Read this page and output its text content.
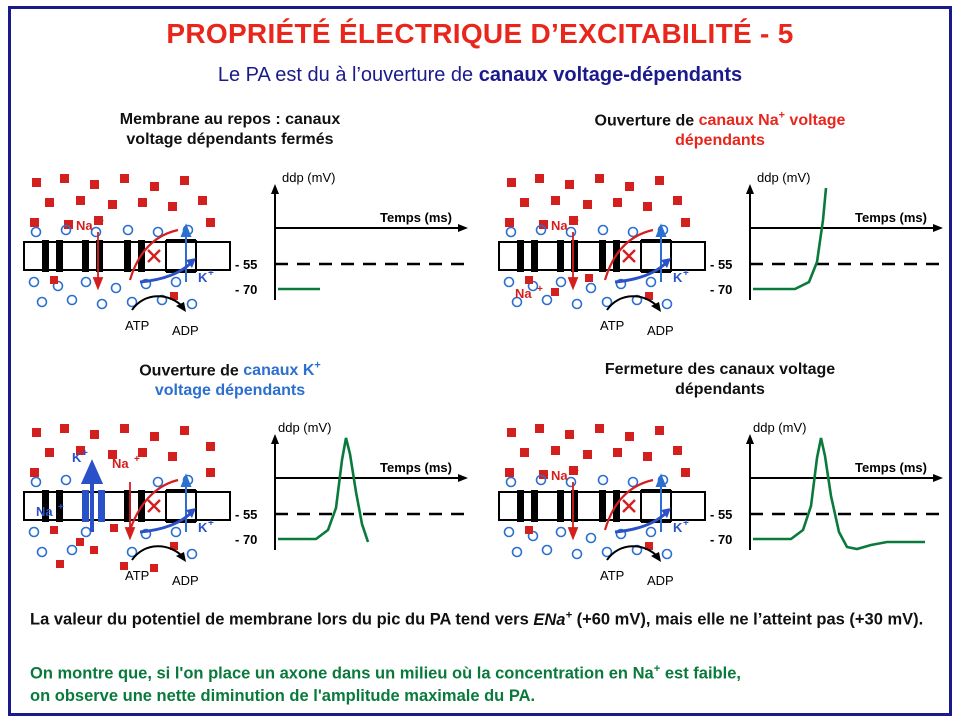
PROPRIÉTÉ ÉLECTRIQUE D’EXCITABILITÉ - 5
Le PA est du à l’ouverture de canaux voltage-dépendants
Membrane au repos : canaux
voltage dépendants fermés
Ouverture de canaux Na+ voltage
dépendants
ATP ADP
Na +
K +
ddp (mV)
Temps (ms)
- 55
- 70
ATP ADP
Na +
Na +
K +
ddp (mV)
Temps (ms)
- 55
- 70
Ouverture de canaux K+
voltage dépendants
Fermeture des canaux voltage
dépendants
ATP ADP
K +
Na +
Na +
K +
ddp (mV)
Temps (ms)
- 55
- 70
ATP ADP
Na +
K +
ddp (mV)
Temps (ms)
- 55
- 70
La valeur du potentiel de membrane lors du pic du PA tend vers ENa+ (+60 mV), mais elle ne l’atteint pas (+30 mV).
On montre que, si l'on place un axone dans un milieu où la concentration en Na+ est faible,
on observe une nette diminution de l'amplitude maximale du PA.
